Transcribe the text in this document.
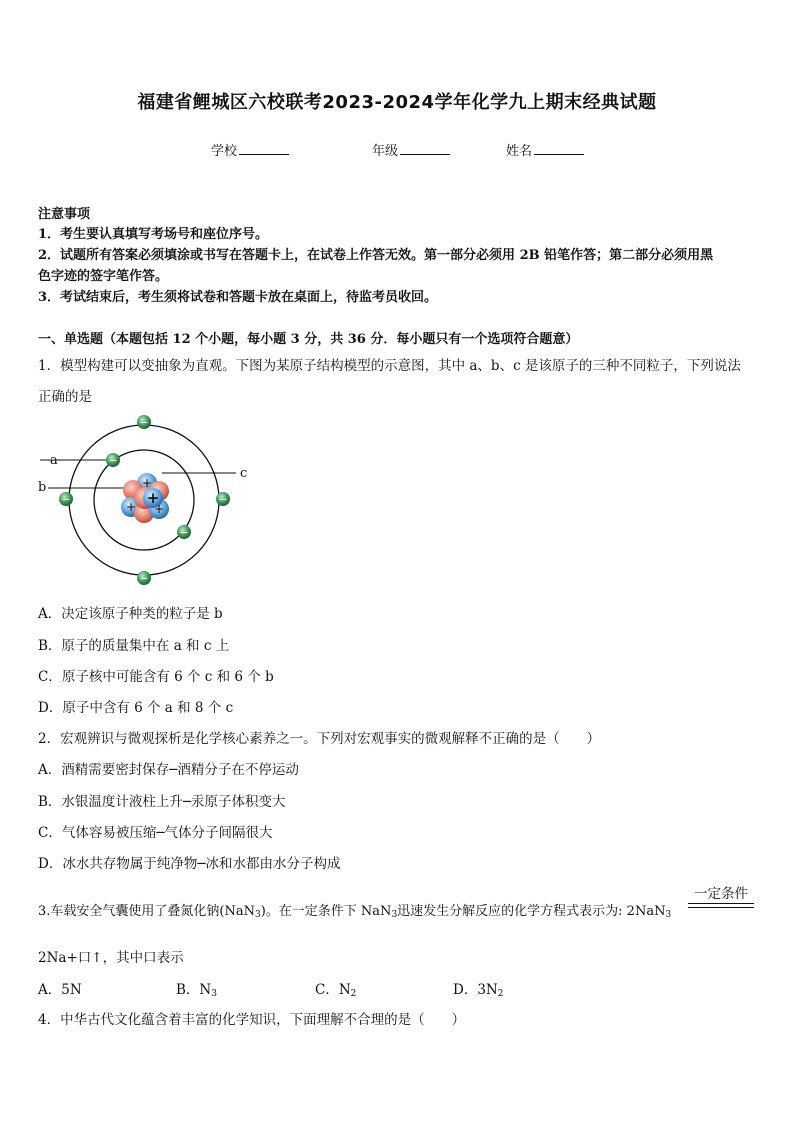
福建省鲤城区六校联考2023-2024学年化学九上期末经典试题
学校	年级	姓名
注意事项
1．考生要认真填写考场号和座位序号。
2．试题所有答案必须填涂或书写在答题卡上，在试卷上作答无效。第一部分必须用 2B 铅笔作答；第二部分必须用黑
色字迹的签字笔作答。
3．考试结束后，考生须将试卷和答题卡放在桌面上，待监考员收回。
一、单选题（本题包括 12 个小题，每小题 3 分，共 36 分．每小题只有一个选项符合题意）
1．模型构建可以变抽象为直观。下图为某原子结构模型的示意图，其中 a、b、c 是该原子的三种不同粒子，下列说法
正确的是
+
+ +
+
−
−
−	−
−
−
a
b
c
A．决定该原子种类的粒子是 b
B．原子的质量集中在 a 和 c 上
C．原子核中可能含有 6 个 c 和 6 个 b
D．原子中含有 6 个 a 和 8 个 c
2．宏观辨识与微观探析是化学核心素养之一。下列对宏观事实的微观解释不正确的是（　　）
A．酒精需要密封保存─酒精分子在不停运动
B．水银温度计液柱上升─汞原子体积变大
C．气体容易被压缩─气体分子间隔很大
D．冰水共存物属于纯净物─冰和水都由水分子构成
3.车载安全气囊使用了叠氮化钠(NaN$_3$)。在一定条件下 NaN$_3$迅速发生分解反应的化学方程式表示为: 2NaN$_3$
一定条件
2Na+口↑，其中口表示
A．5N	B．$N_3$	C．$N_2$	D．$3N_2$
4．中华古代文化蕴含着丰富的化学知识，下面理解不合理的是（　　）
